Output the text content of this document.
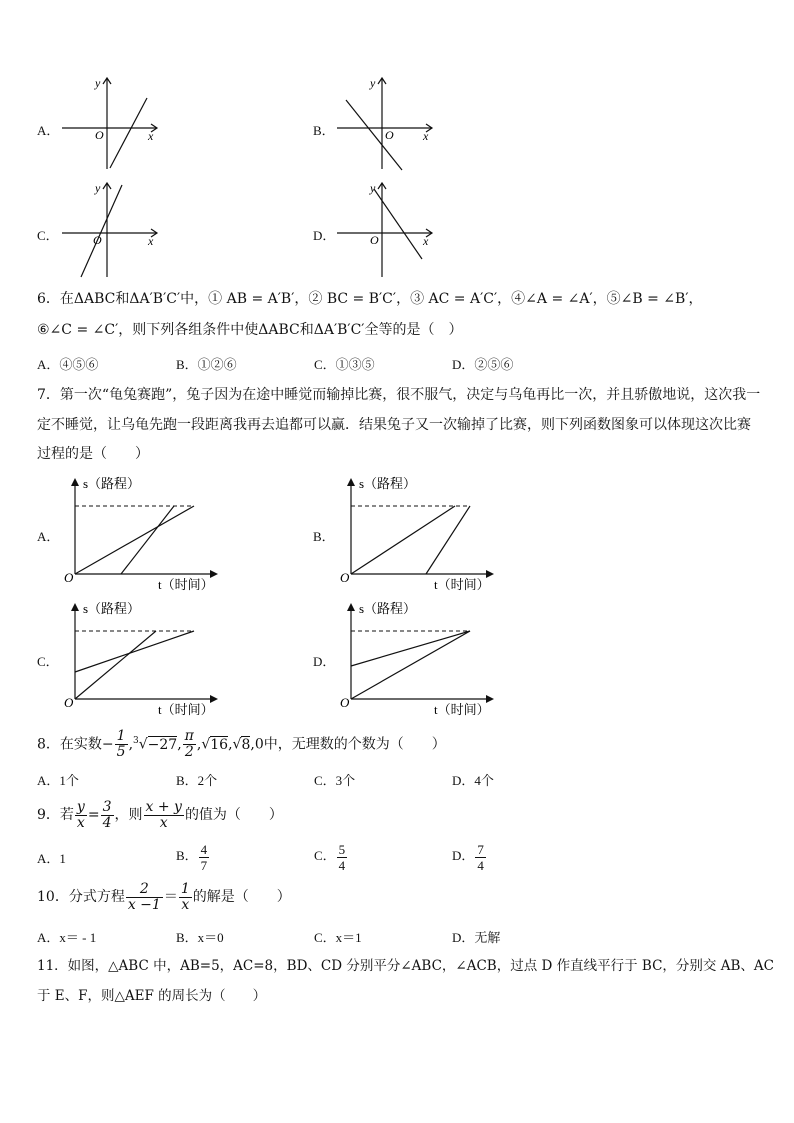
A．
y
x
O	B．
y
x
O
C．
y
x
O	D．
y
x
O
6．在ΔABC和ΔA′B′C′中，① AB = A′B′，② BC = B′C′，③ AC = A′C′，④∠A = ∠A′，⑤∠B = ∠B′，
⑥∠C = ∠C′，则下列各组条件中使ΔABC和ΔA′B′C′全等的是（　）
A．④⑤⑥	B．①②⑥	C．①③⑤	D．②⑤⑥
7．第一次“龟兔赛跑”，兔子因为在途中睡觉而输掉比赛，很不服气，决定与乌龟再比一次，并且骄傲地说，这次我一
定不睡觉，让乌龟先跑一段距离我再去追都可以赢．结果兔子又一次输掉了比赛，则下列函数图象可以体现这次比赛
过程的是（　　）
A．
s（路程）
t（时间）
O
B．
s（路程）
t（时间）
O
C．
s（路程）
t（时间）
O
D．
s（路程）
t（时间）
O
8．在实数− $\frac{1}{5} ,^3√-27$, $\frac{\pi}{2} ,√16,√8,0$中，无理数的个数为（　　）
A．1个	B．2个	C．3个	D．4个
9．若 $\frac{y}{x} = \frac{3}{4}$ ，则 $\frac{x + y}{x}$ 的值为（　　）
A．1	B． $\frac{4}{7}$	C． $\frac{5}{4}$	D． $\frac{7}{4}$
10．分式方程 $\frac{2}{x -1} = \frac{1}{x}$ 的解是（　　）
A．x＝ - 1	B．x＝0	C．x＝1	D．无解
11．如图，△ABC 中，AB=5，AC=8，BD、CD 分别平分∠ABC，∠ACB，过点 D 作直线平行于 BC，分别交 AB、AC
于 E、F，则△AEF 的周长为（　　）
